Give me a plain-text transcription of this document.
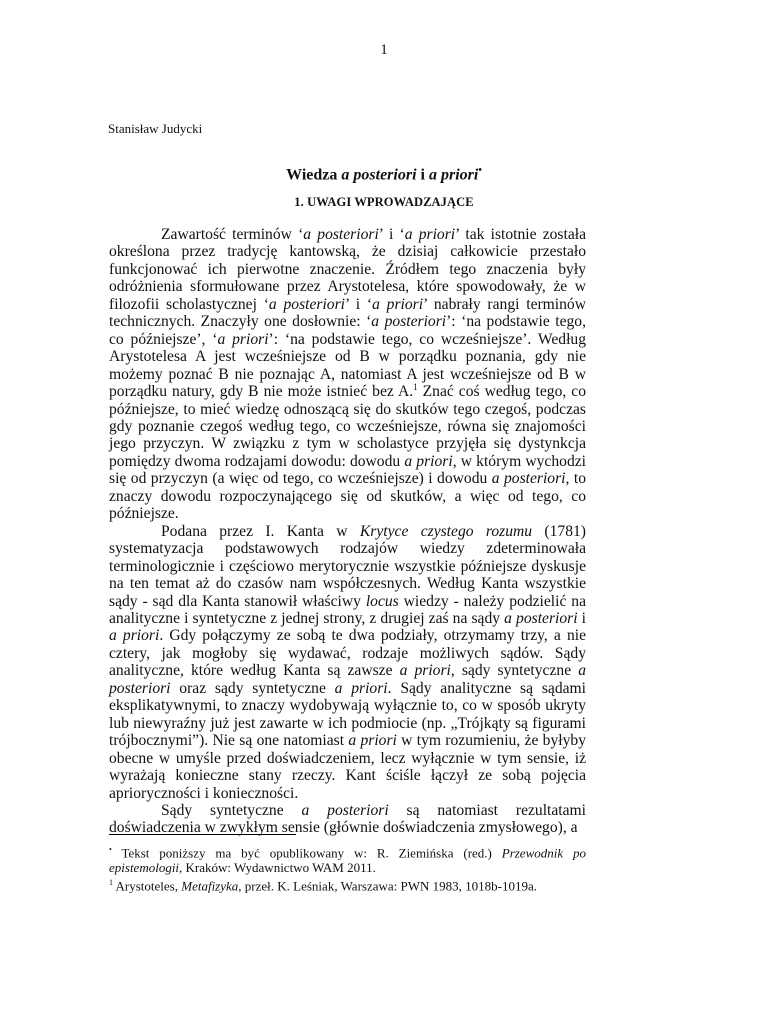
1
Stanisław Judycki
Wiedza a posteriori i a priori•
1. UWAGI WPROWADZAJĄCE

Zawartość terminów ‘a posteriori’ i ‘a priori’ tak istotnie została określona przez tradycję kantowską, że dzisiaj całkowicie przestało funkcjonować ich pierwotne znaczenie. Źródłem tego znaczenia były odróżnienia sformułowane przez Arystotelesa, które spowodowały, że w filozofii scholastycznej ‘a posteriori’ i ‘a priori’ nabrały rangi terminów technicznych. Znaczyły one dosłownie: ‘a posteriori’: ‘na podstawie tego, co późniejsze’, ‘a priori’: ‘na podstawie tego, co wcześniejsze’. Według Arystotelesa A jest wcześniejsze od B w porządku poznania, gdy nie możemy poznać B nie poznając A, natomiast A jest wcześniejsze od B w porządku natury, gdy B nie może istnieć bez A.$^1$ Znać coś według tego, co późniejsze, to mieć wiedzę odnoszącą się do skutków tego czegoś, podczas gdy poznanie czegoś według tego, co wcześniejsze, równa się znajomości jego przyczyn. W związku z tym w scholastyce przyjęła się dystynkcja pomiędzy dwoma rodzajami dowodu: dowodu a priori, w którym wychodzi się od przyczyn (a więc od tego, co wcześniejsze) i dowodu a posteriori, to znaczy dowodu rozpoczynającego się od skutków, a więc od tego, co późniejsze.

Podana przez I. Kanta w Krytyce czystego rozumu (1781) systematyzacja podstawowych rodzajów wiedzy zdeterminowała terminologicznie i częściowo merytorycznie wszystkie późniejsze dyskusje na ten temat aż do czasów nam współczesnych. Według Kanta wszystkie sądy - sąd dla Kanta stanowił właściwy locus wiedzy - należy podzielić na analityczne i syntetyczne z jednej strony, z drugiej zaś na sądy a posteriori i a priori. Gdy połączymy ze sobą te dwa podziały, otrzymamy trzy, a nie cztery, jak mogłoby się wydawać, rodzaje możliwych sądów. Sądy analityczne, które według Kanta są zawsze a priori, sądy syntetyczne a posteriori oraz sądy syntetyczne a priori. Sądy analityczne są sądami eksplikatywnymi, to znaczy wydobywają wyłącznie to, co w sposób ukryty lub niewyraźny już jest zawarte w ich podmiocie (np. „Trójkąty są figurami trójbocznymi”). Nie są one natomiast a priori w tym rozumieniu, że byłyby obecne w umyśle przed doświadczeniem, lecz wyłącznie w tym sensie, iż wyrażają konieczne stany rzeczy. Kant ściśle łączył ze sobą pojęcia aprioryczności i konieczności.

Sądy syntetyczne a posteriori są natomiast rezultatami doświadczenia w zwykłym sensie (głównie doświadczenia zmysłowego), a

• Tekst poniższy ma być opublikowany w: R. Ziemińska (red.) Przewodnik po epistemologii, Kraków: Wydawnictwo WAM 2011.

$^1$ Arystoteles, Metafizyka, przeł. K. Leśniak, Warszawa: PWN 1983, 1018b-1019a.
